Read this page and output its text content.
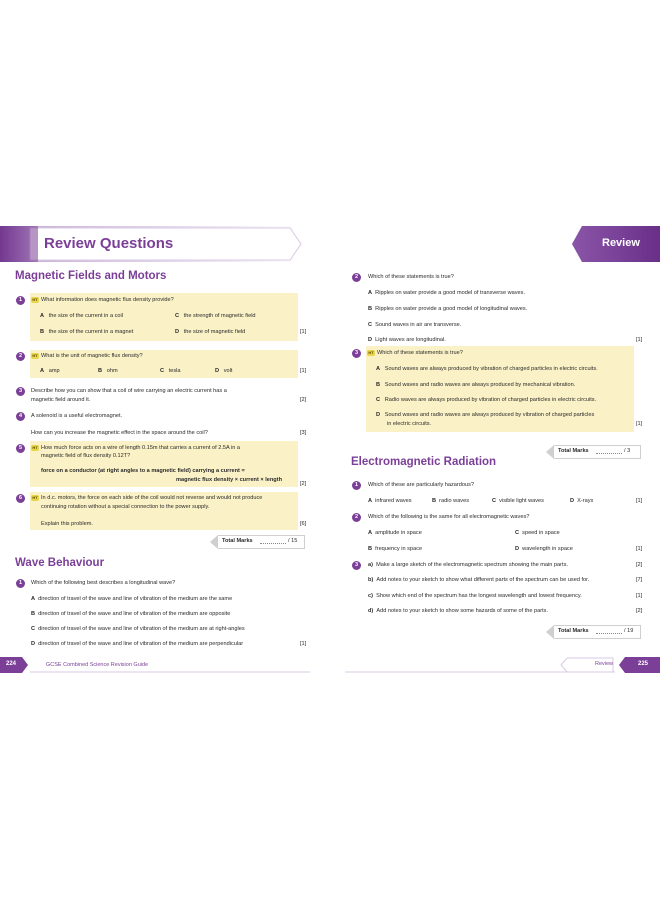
Review Questions	Review
Magnetic Fields and Motors
1	HT What information does magnetic flux density provide?
A the size of the current in a coil
B the size of the current in a magnet
C the strength of magnetic field
D the size of magnetic field	[1]
2	HT What is the unit of magnetic flux density?
A amp	B ohm	C tesla	D volt	[1]
3	Describe how you can show that a coil of wire carrying an electric current has a
magnetic field around it.	[2]
4	A solenoid is a useful electromagnet.
How can you increase the magnetic effect in the space around the coil?	[3]
5	HT How much force acts on a wire of length 0.15m that carries a current of 2.5A in a
magnetic field of flux density 0.12T?
force on a conductor (at right angles to a magnetic field) carrying a current =
magnetic flux density × current × length
[2]
6	HT In d.c. motors, the force on each side of the coil would not reverse and would not produce
continuing rotation without a special connection to the power supply.
Explain this problem.	[6]
Total Marks	/ 15
Wave Behaviour
1	Which of the following best describes a longitudinal wave?
A direction of travel of the wave and line of vibration of the medium are the same
B direction of travel of the wave and line of vibration of the medium are opposite
C direction of travel of the wave and line of vibration of the medium are at right-angles
D direction of travel of the wave and line of vibration of the medium are perpendicular	[1]
224	GCSE Combined Science Revision Guide
2	Which of these statements is true?
A Ripples on water provide a good model of transverse waves.
B Ripples on water provide a good model of longitudinal waves.
C Sound waves in air are transverse.
D Light waves are longitudinal.	[1]
3	HT Which of these statements is true?
A Sound waves are always produced by vibration of charged particles in electric circuits.
B Sound waves and radio waves are always produced by mechanical vibration.
C Radio waves are always produced by vibration of charged particles in electric circuits.
D Sound waves and radio waves are always produced by vibration of charged particles
in electric circuits.	[1]
Total Marks	/ 3
Electromagnetic Radiation
1	Which of these are particularly hazardous?
A infrared waves	B radio waves	C visible light waves	D X-rays	[1]
2	Which of the following is the same for all electromagnetic waves?
A amplitude in space
B frequency in space
C speed in space
D wavelength in space	[1]
3	a) Make a large sketch of the electromagnetic spectrum showing the main parts.	[2]
b) Add notes to your sketch to show what different parts of the spectrum can be used for.	[7]
c) Show which end of the spectrum has the longest wavelength and lowest frequency.	[1]
d) Add notes to your sketch to show some hazards of some of the parts.	[2]
Total Marks	/ 19
Review	225
